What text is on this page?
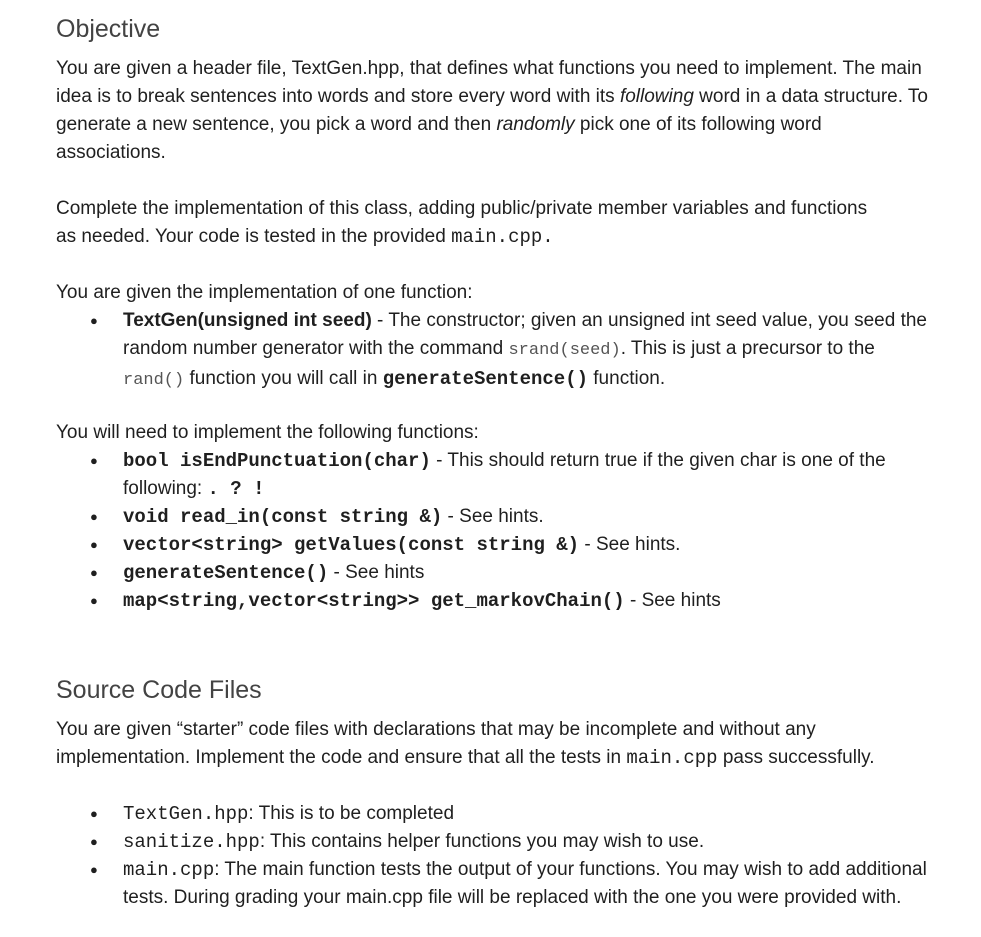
Objective

You are given a header file, TextGen.hpp, that defines what functions you need to implement. The main idea is to break sentences into words and store every word with its following word in a data structure. To generate a new sentence, you pick a word and then randomly pick one of its following word associations.

Complete the implementation of this class, adding public/private member variables and functions as needed. Your code is tested in the provided main.cpp.

You are given the implementation of one function:

● TextGen(unsigned int seed) - The constructor; given an unsigned int seed value, you seed the random number generator with the command srand(seed). This is just a precursor to the rand() function you will call in generateSentence() function.

You will need to implement the following functions:

● bool isEndPunctuation(char) - This should return true if the given char is one of the following: . ? !
● void read_in(const string &) - See hints.
● vector<string> getValues(const string &) - See hints.
● generateSentence() - See hints
● map<string,vector<string>> get_markovChain() - See hints
Source Code Files

You are given “starter” code files with declarations that may be incomplete and without any implementation. Implement the code and ensure that all the tests in main.cpp pass successfully.

● TextGen.hpp: This is to be completed
● sanitize.hpp: This contains helper functions you may wish to use.
● main.cpp: The main function tests the output of your functions. You may wish to add additional tests. During grading your main.cpp file will be replaced with the one you were provided with.
